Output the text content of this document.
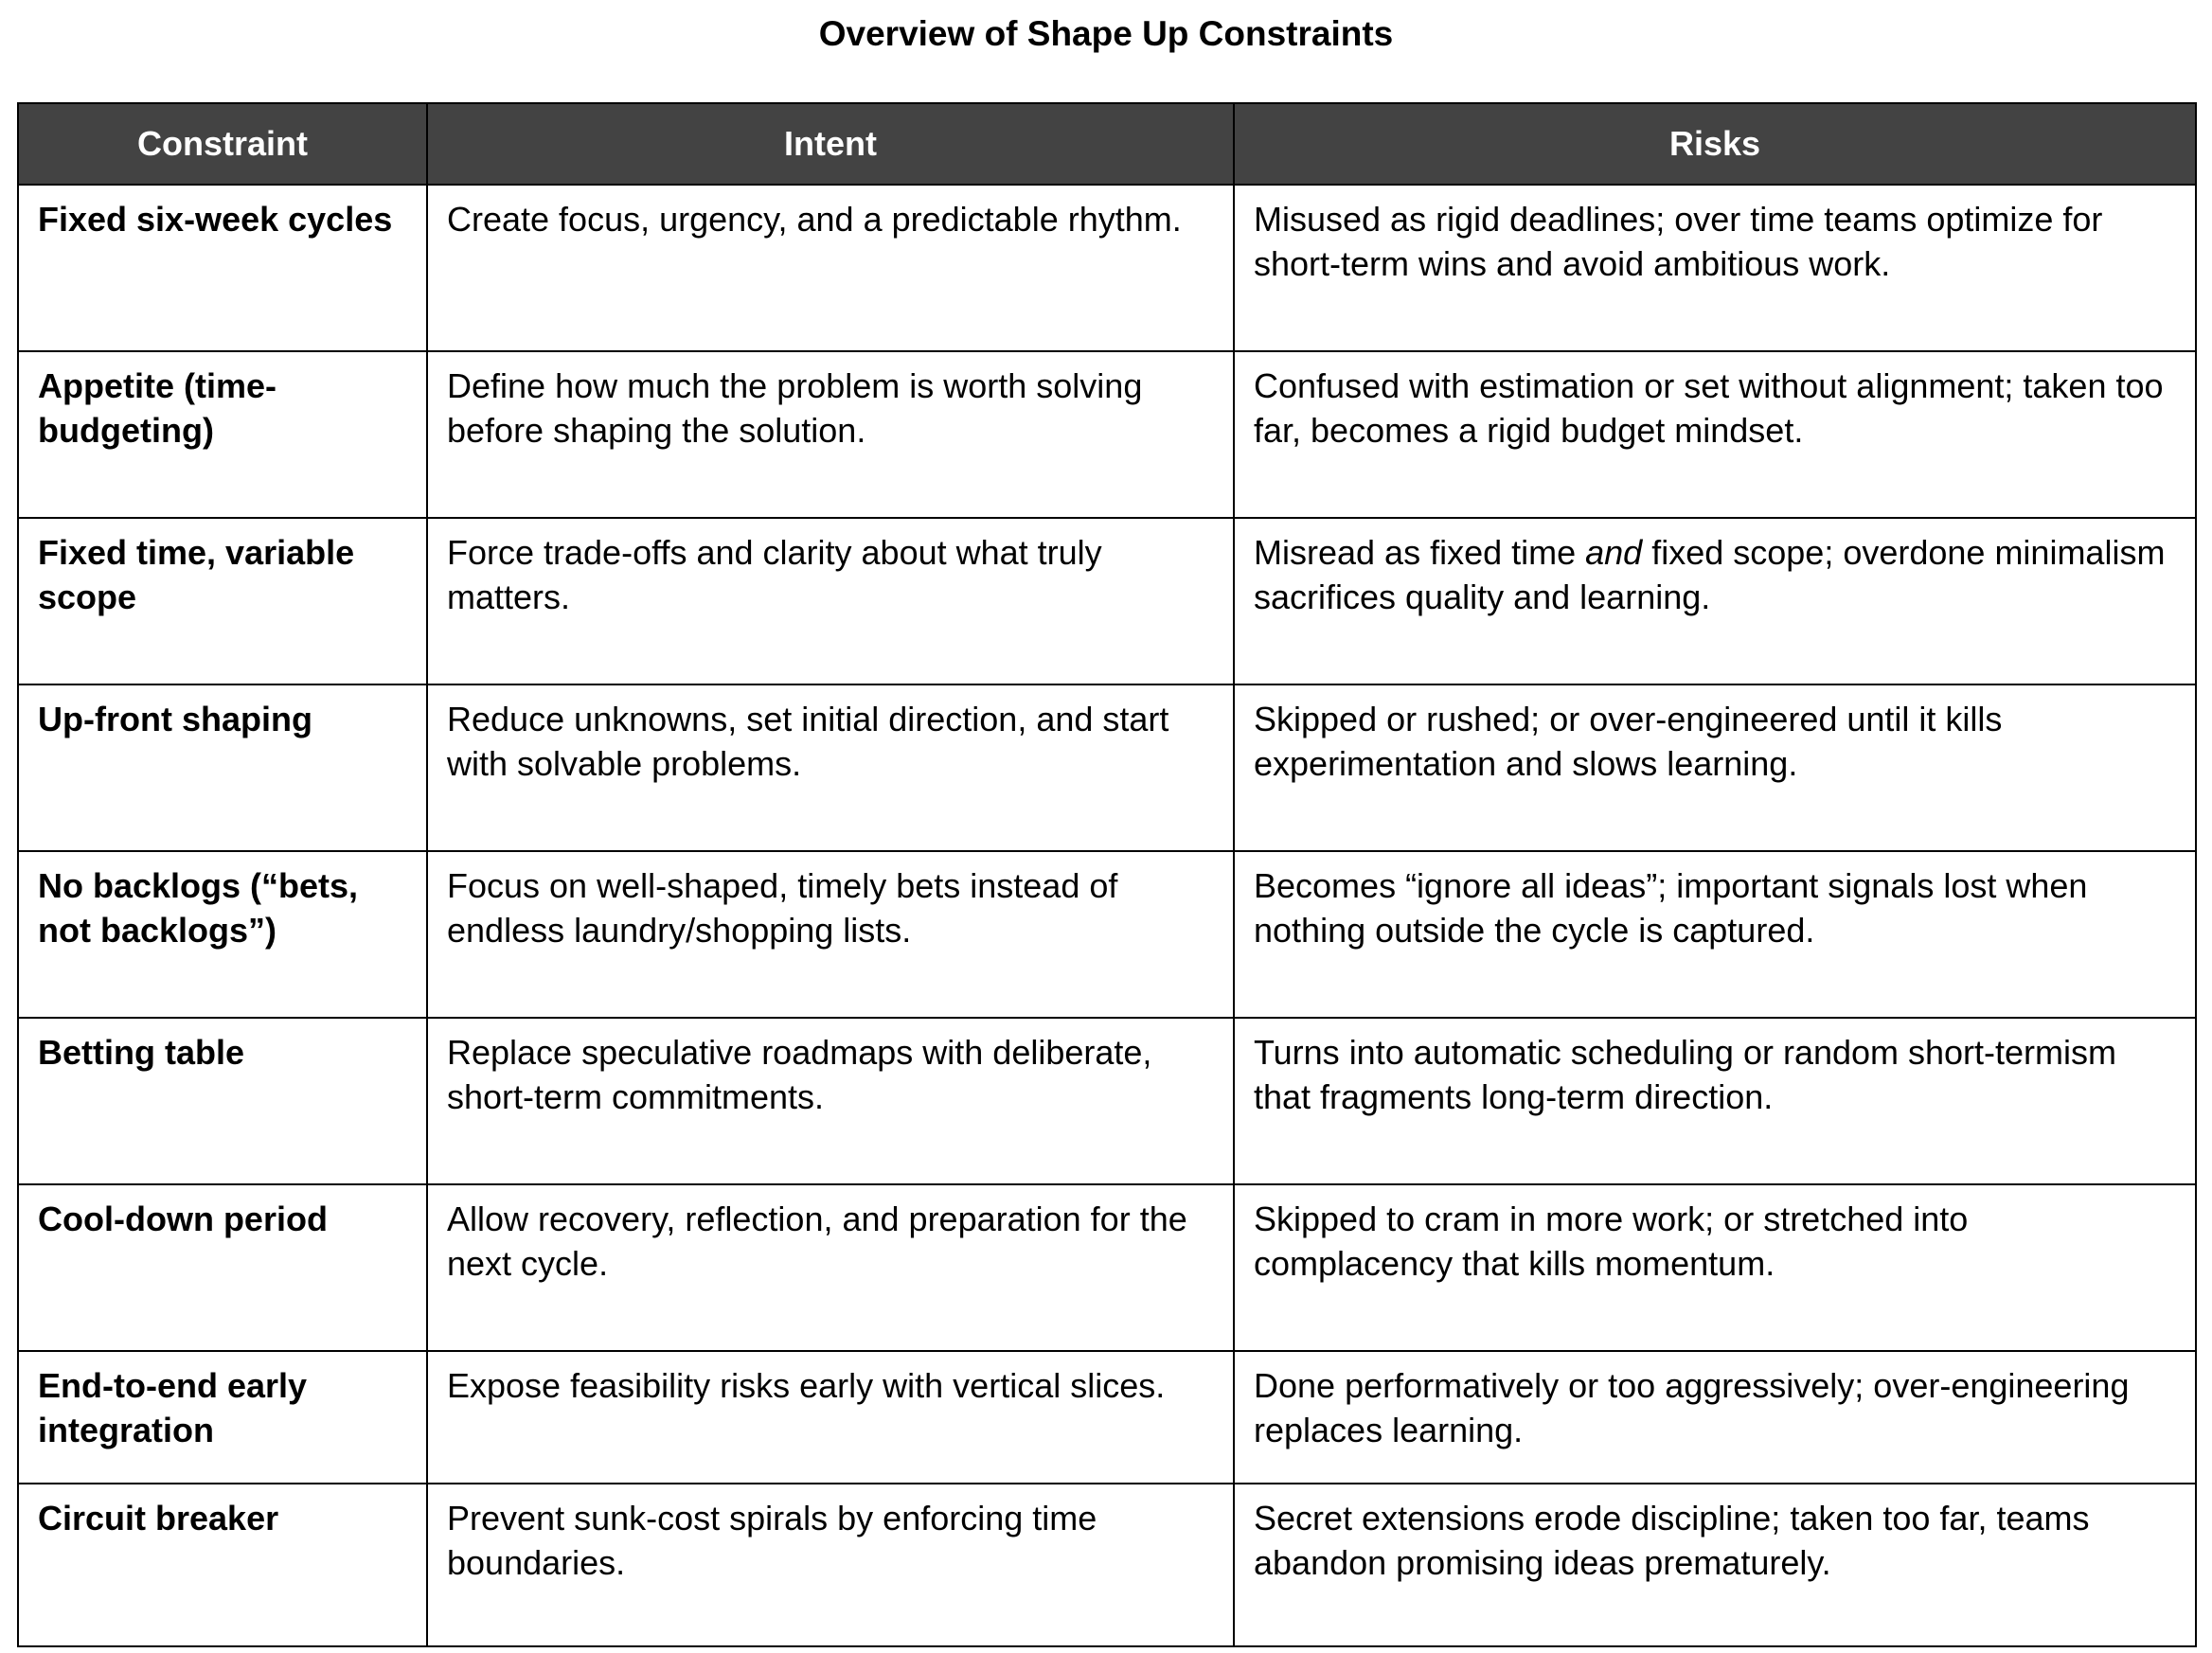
Overview of Shape Up Constraints
Constraint	Intent	Risks
Fixed six-week cycles	Create focus, urgency, and a predictable rhythm.	Misused as rigid deadlines; over time teams optimize for short-term wins and avoid ambitious work.
Appetite (time-budgeting)	Define how much the problem is worth solving before shaping the solution.	Confused with estimation or set without alignment; taken too far, becomes a rigid budget mindset.
Fixed time, variable scope	Force trade-offs and clarity about what truly matters.	Misread as fixed time and fixed scope; overdone minimalism sacrifices quality and learning.
Up-front shaping	Reduce unknowns, set initial direction, and start with solvable problems.	Skipped or rushed; or over-engineered until it kills experimentation and slows learning.
No backlogs (“bets, not backlogs”)	Focus on well-shaped, timely bets instead of endless laundry/shopping lists.	Becomes “ignore all ideas”; important signals lost when nothing outside the cycle is captured.
Betting table	Replace speculative roadmaps with deliberate, short-term commitments.	Turns into automatic scheduling or random short-termism that fragments long-term direction.
Cool-down period	Allow recovery, reflection, and preparation for the next cycle.	Skipped to cram in more work; or stretched into complacency that kills momentum.
End-to-end early integration	Expose feasibility risks early with vertical slices.	Done performatively or too aggressively; over-engineering replaces learning.
Circuit breaker	Prevent sunk-cost spirals by enforcing time boundaries.	Secret extensions erode discipline; taken too far, teams abandon promising ideas prematurely.
